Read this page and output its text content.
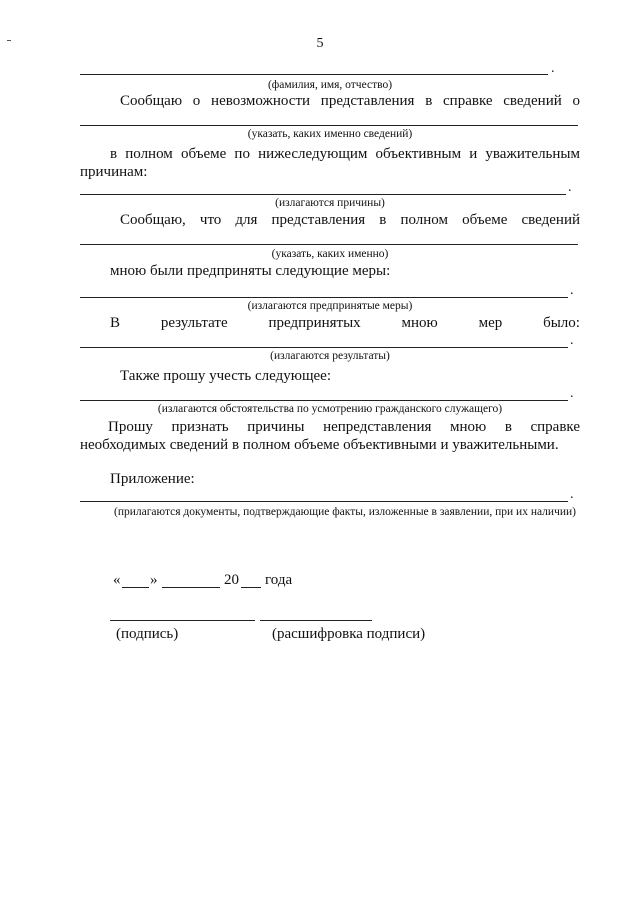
5
.
(фамилия, имя, отчество)
Сообщаю о невозможности представления в справке сведений о
(указать, каких именно сведений)
в полном объеме по нижеследующим объективным и уважительным
причинам:
.
(излагаются причины)
Сообщаю, что для представления в полном объеме сведений
(указать, каких именно)
мною были предприняты следующие меры:
.
(излагаются предпринятые меры)
В	результате	предпринятых	мною	мер	было:
.
(излагаются результаты)
Также прошу учесть следующее:
.
(излагаются обстоятельства по усмотрению гражданского служащего)
Прошу признать причины непредставления мною в справке необходимых сведений в полном объеме объективными и уважительными.
Приложение:
.
(прилагаются документы, подтверждающие факты, изложенные в заявлении, при их наличии)
« »	20 года
(подпись)	(расшифровка подписи)
